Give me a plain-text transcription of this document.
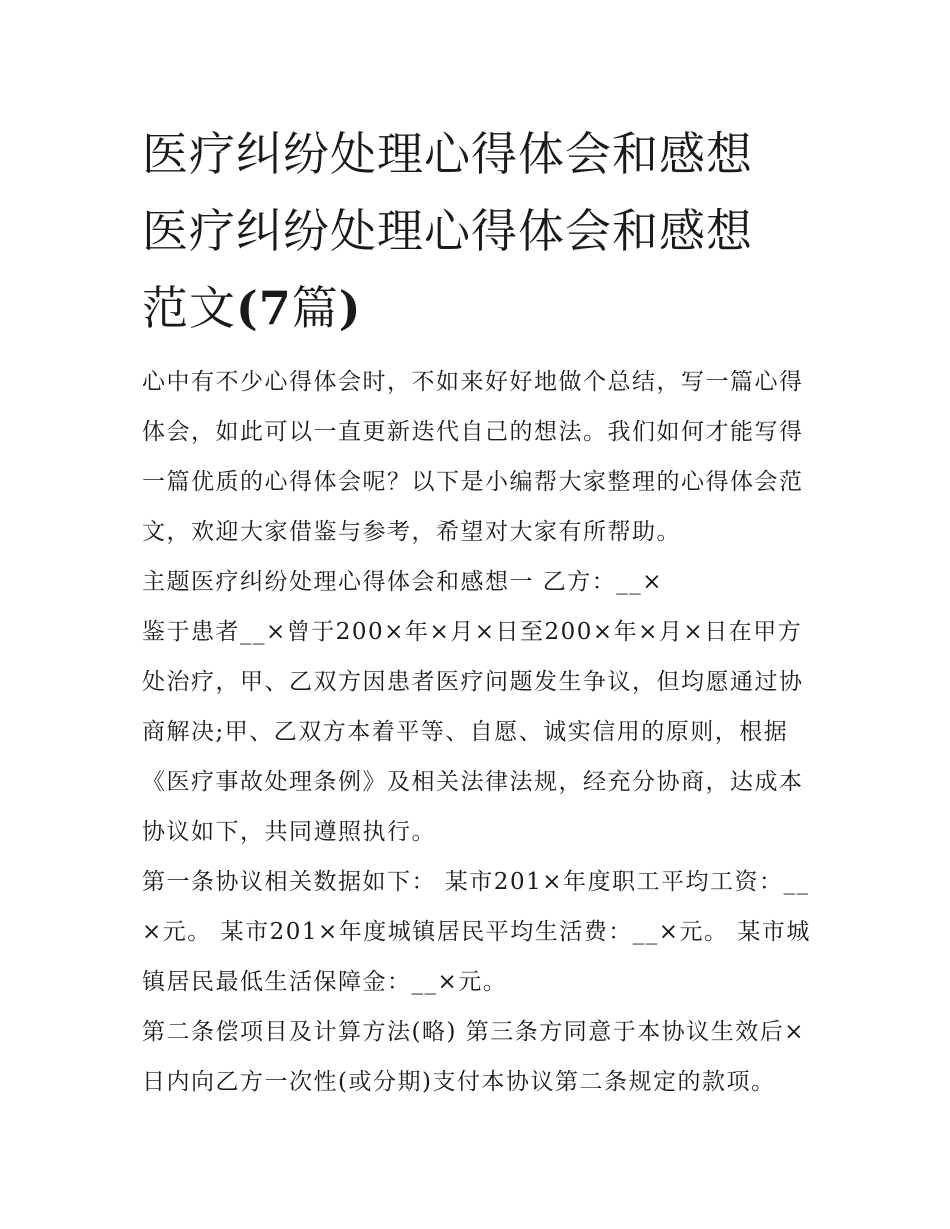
医疗纠纷处理心得体会和感想
医疗纠纷处理心得体会和感想
范文(7篇)

心中有不少心得体会时，不如来好好地做个总结，写一篇心得体会，如此可以一直更新迭代自己的想法。我们如何才能写得一篇优质的心得体会呢？以下是小编帮大家整理的心得体会范文，欢迎大家借鉴与参考，希望对大家有所帮助。

主题医疗纠纷处理心得体会和感想一 乙方：__×

鉴于患者__×曾于200×年×月×日至200×年×月×日在甲方处治疗，甲、乙双方因患者医疗问题发生争议，但均愿通过协商解决;甲、乙双方本着平等、自愿、诚实信用的原则，根据《医疗事故处理条例》及相关法律法规，经充分协商，达成本协议如下，共同遵照执行。

第一条协议相关数据如下： 某市201×年度职工平均工资：__×元。 某市201×年度城镇居民平均生活费：__×元。 某市城镇居民最低生活保障金：__×元。

第二条偿项目及计算方法(略) 第三条方同意于本协议生效后×日内向乙方一次性(或分期)支付本协议第二条规定的款项。
